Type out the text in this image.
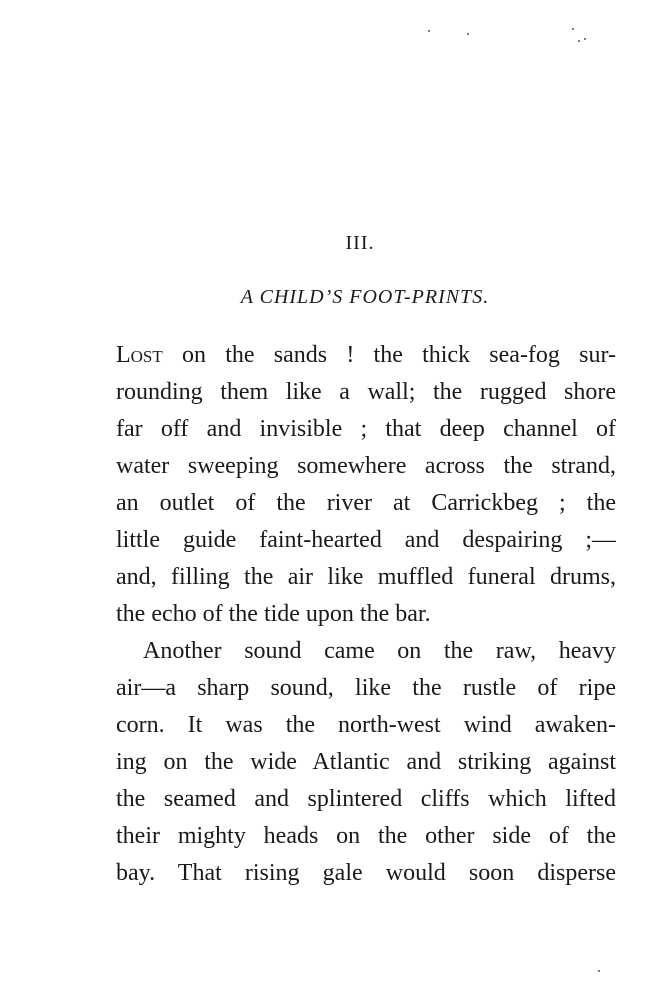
III.
A CHILD’S FOOT-PRINTS.
Lost on the sands ! the thick sea-fog sur-
rounding them like a wall; the rugged shore
far off and invisible ; that deep channel of
water sweeping somewhere across the strand,
an outlet of the river at Carrickbeg ; the
little guide faint-hearted and despairing ;—
and, filling the air like muffled funeral drums,
the echo of the tide upon the bar.
Another sound came on the raw, heavy
air—a sharp sound, like the rustle of ripe
corn. It was the north-west wind awaken-
ing on the wide Atlantic and striking against
the seamed and splintered cliffs which lifted
their mighty heads on the other side of the
bay. That rising gale would soon disperse
